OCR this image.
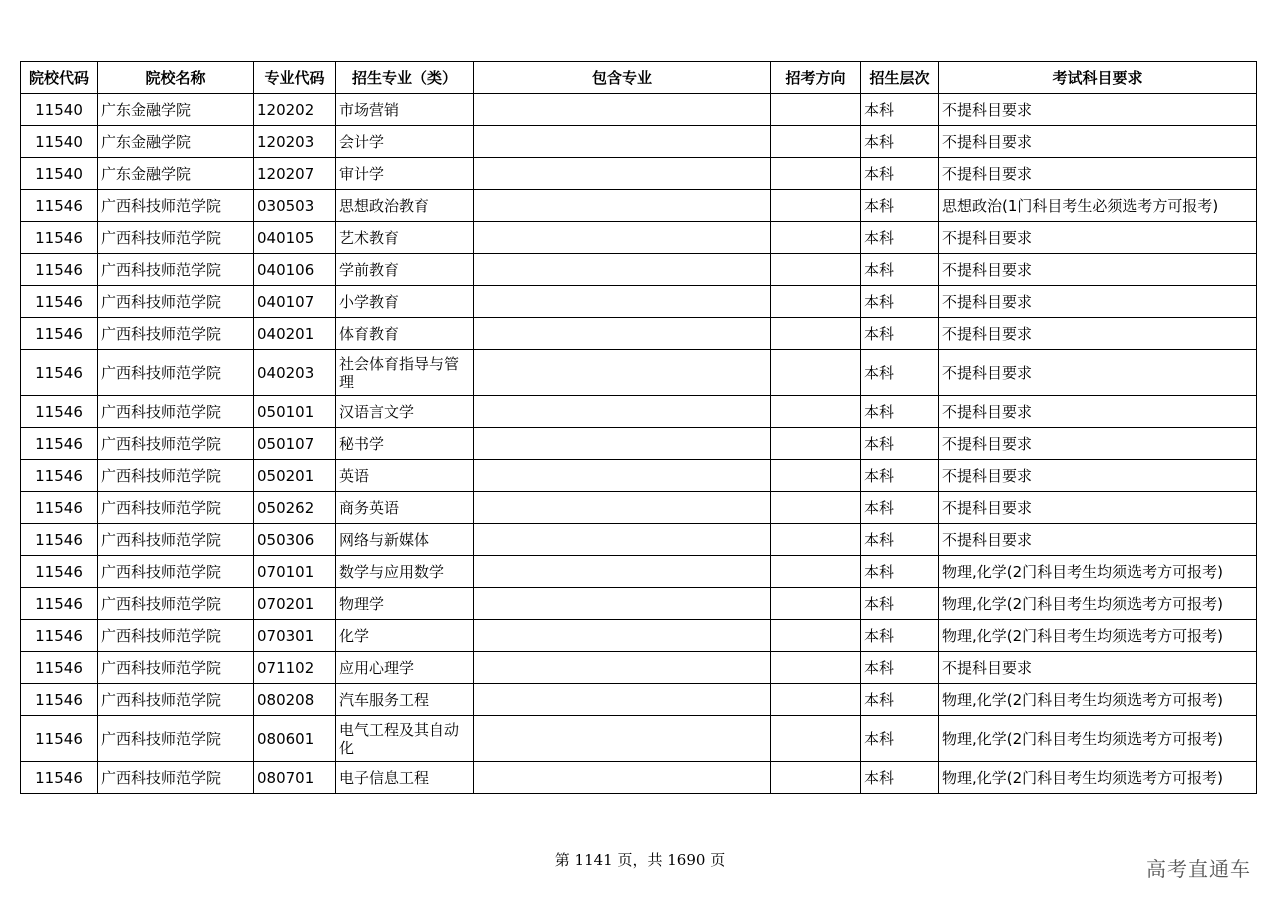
院校代码	院校名称	专业代码	招生专业（类）	包含专业	招考方向	招生层次	考试科目要求
11540	广东金融学院	120202	市场营销			本科	不提科目要求
11540	广东金融学院	120203	会计学			本科	不提科目要求
11540	广东金融学院	120207	审计学			本科	不提科目要求
11546	广西科技师范学院	030503	思想政治教育			本科	思想政治(1门科目考生必须选考方可报考)
11546	广西科技师范学院	040105	艺术教育			本科	不提科目要求
11546	广西科技师范学院	040106	学前教育			本科	不提科目要求
11546	广西科技师范学院	040107	小学教育			本科	不提科目要求
11546	广西科技师范学院	040201	体育教育			本科	不提科目要求
11546	广西科技师范学院	040203	社会体育指导与管理			本科	不提科目要求
11546	广西科技师范学院	050101	汉语言文学			本科	不提科目要求
11546	广西科技师范学院	050107	秘书学			本科	不提科目要求
11546	广西科技师范学院	050201	英语			本科	不提科目要求
11546	广西科技师范学院	050262	商务英语			本科	不提科目要求
11546	广西科技师范学院	050306	网络与新媒体			本科	不提科目要求
11546	广西科技师范学院	070101	数学与应用数学			本科	物理,化学(2门科目考生均须选考方可报考)
11546	广西科技师范学院	070201	物理学			本科	物理,化学(2门科目考生均须选考方可报考)
11546	广西科技师范学院	070301	化学			本科	物理,化学(2门科目考生均须选考方可报考)
11546	广西科技师范学院	071102	应用心理学			本科	不提科目要求
11546	广西科技师范学院	080208	汽车服务工程			本科	物理,化学(2门科目考生均须选考方可报考)
11546	广西科技师范学院	080601	电气工程及其自动化			本科	物理,化学(2门科目考生均须选考方可报考)
11546	广西科技师范学院	080701	电子信息工程			本科	物理,化学(2门科目考生均须选考方可报考)
第 1141 页，共 1690 页	高考直通车
